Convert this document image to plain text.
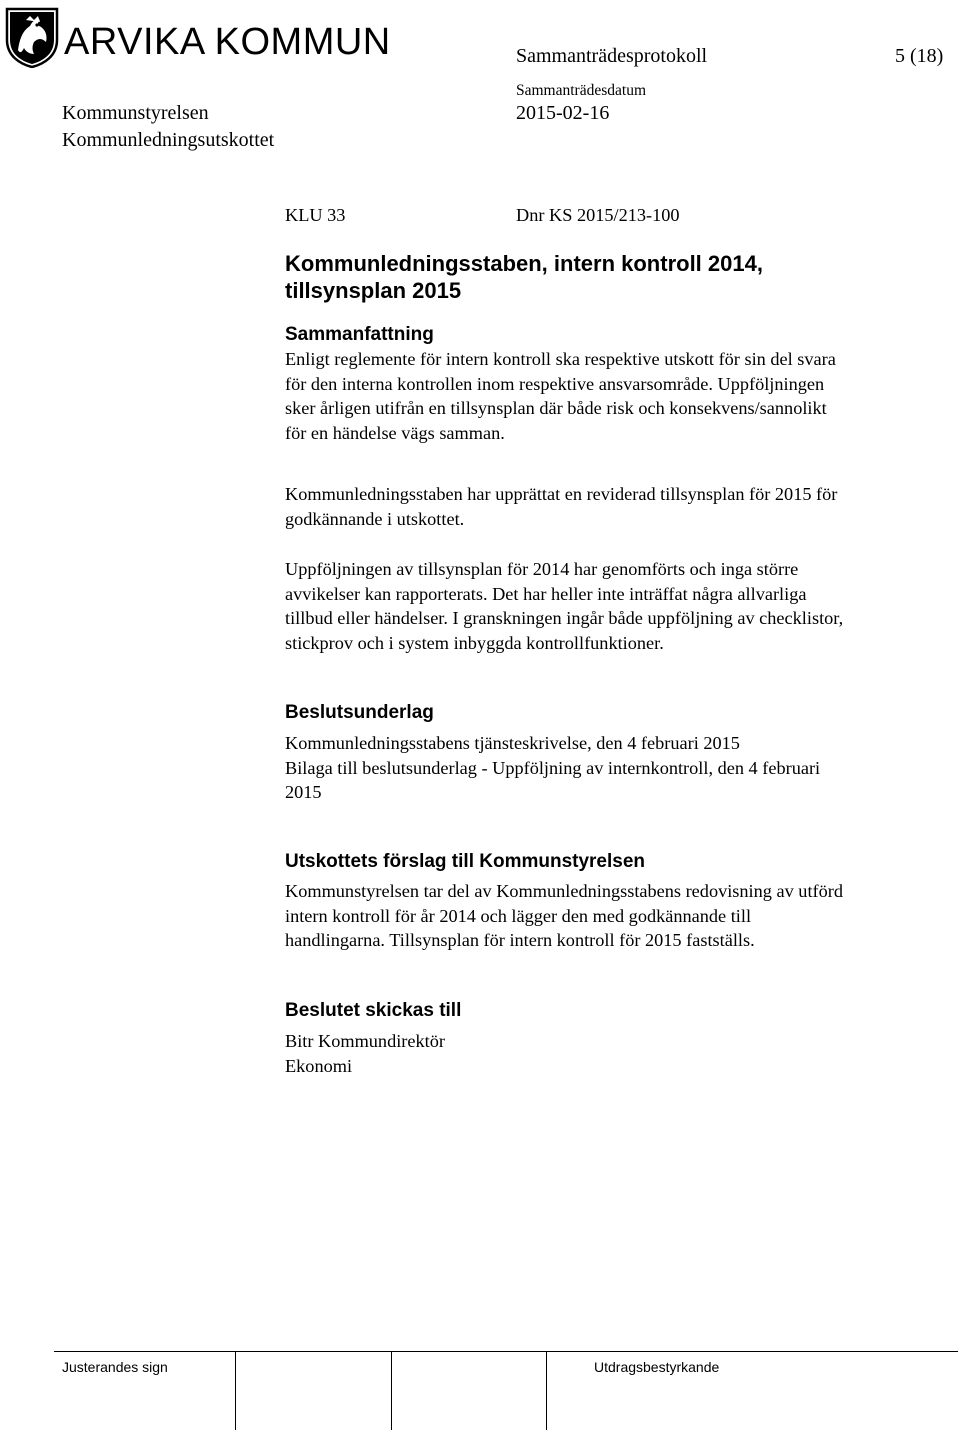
ARVIKA KOMMUN	Sammanträdesprotokoll	5 (18)
Sammanträdesdatum
Kommunstyrelsen	2015-02-16
Kommunledningsutskottet
KLU 33	Dnr KS 2015/213-100
Kommunledningsstaben, intern kontroll 2014,
tillsynsplan 2015
Sammanfattning
Enligt reglemente för intern kontroll ska respektive utskott för sin del svara
för den interna kontrollen inom respektive ansvarsområde. Uppföljningen
sker årligen utifrån en tillsynsplan där både risk och konsekvens/sannolikt
för en händelse vägs samman.
Kommunledningsstaben har upprättat en reviderad tillsynsplan för 2015 för
godkännande i utskottet.
Uppföljningen av tillsynsplan för 2014 har genomförts och inga större
avvikelser kan rapporterats. Det har heller inte inträffat några allvarliga
tillbud eller händelser. I granskningen ingår både uppföljning av checklistor,
stickprov och i system inbyggda kontrollfunktioner.
Beslutsunderlag
Kommunledningsstabens tjänsteskrivelse, den 4 februari 2015
Bilaga till beslutsunderlag - Uppföljning av internkontroll, den 4 februari
2015
Utskottets förslag till Kommunstyrelsen
Kommunstyrelsen tar del av Kommunledningsstabens redovisning av utförd
intern kontroll för år 2014 och lägger den med godkännande till
handlingarna. Tillsynsplan för intern kontroll för 2015 fastställs.
Beslutet skickas till
Bitr Kommundirektör
Ekonomi
Justerandes sign	Utdragsbestyrkande
